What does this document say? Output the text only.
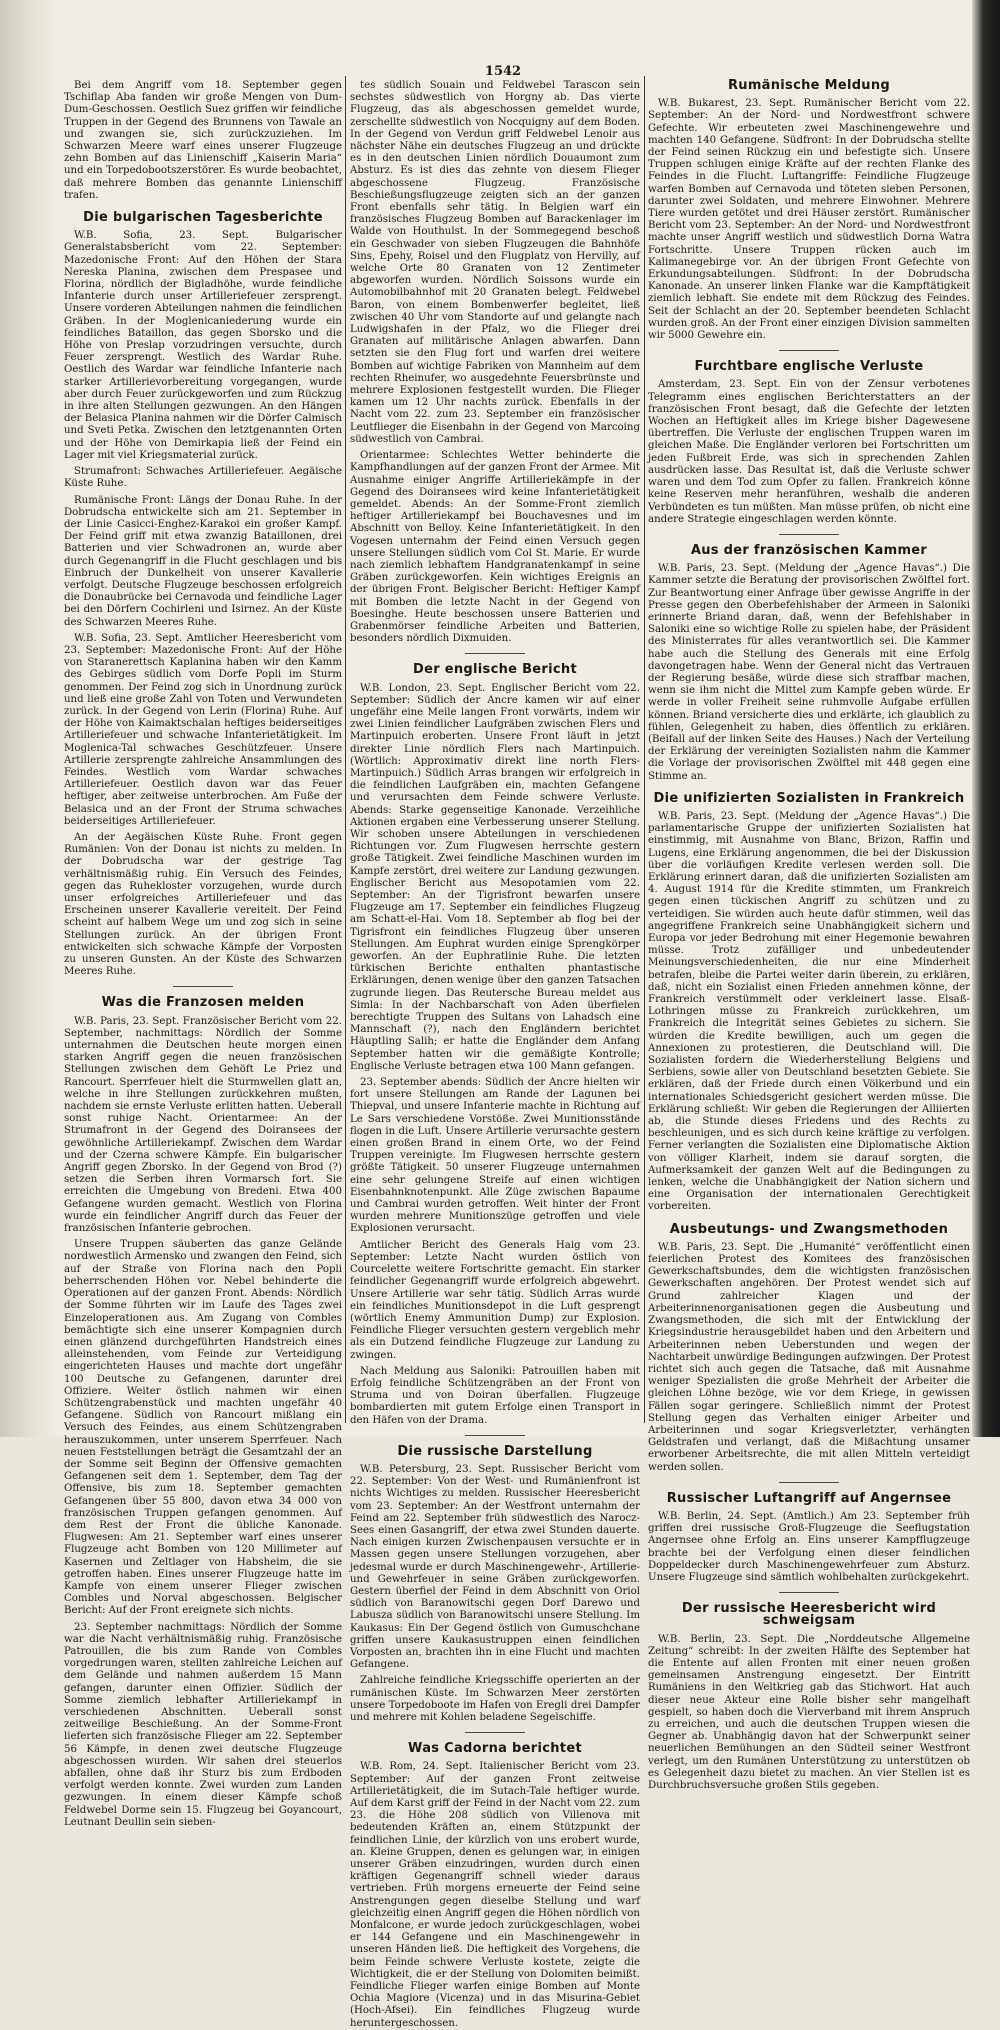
1542

Bei dem Angriff vom 18. September gegen Tschiflap Aba fanden wir große Mengen von Dum-Dum-Geschossen. Oestlich Suez griffen wir feindliche Truppen in der Gegend des Brunnens von Tawale an und zwangen sie, sich zurückzuziehen. Im Schwarzen Meere warf eines unserer Flugzeuge zehn Bomben auf das Linienschiff „Kaiserin Maria“ und ein Torpedobootszerstörer. Es wurde beobachtet, daß mehrere Bomben das genannte Linienschiff trafen.

Die bulgarischen Tagesberichte

W.B. Sofia, 23. Sept. Bulgarischer Generalstabsbericht vom 22. September: Mazedonische Front: Auf den Höhen der Stara Nereska Planina, zwischen dem Prespasee und Florina, nördlich der Bigladhöhe, wurde feindliche Infanterie durch unser Artilleriefeuer zersprengt. Unsere vorderen Abteilungen nahmen die feindlichen Gräben. In der Moglenicaniederung wurde ein feindliches Bataillon, das gegen Sborsko und die Höhe von Preslap vorzudringen versuchte, durch Feuer zersprengt. Westlich des Wardar Ruhe. Oestlich des Wardar war feindliche Infanterie nach starker Artillerievorbereitung vorgegangen, wurde aber durch Feuer zurückgeworfen und zum Rückzug in ihre alten Stellungen gezwungen. An den Hängen der Belasica Planina nahmen wir die Dörfer Calmisch und Sveti Petka. Zwischen den letztgenannten Orten und der Höhe von Demirkapia ließ der Feind ein Lager mit viel Kriegsmaterial zurück.

Strumafront: Schwaches Artilleriefeuer. Aegäische Küste Ruhe.

Rumänische Front: Längs der Donau Ruhe. In der Dobrudscha entwickelte sich am 21. September in der Linie Casicci-Enghez-Karakoi ein großer Kampf. Der Feind griff mit etwa zwanzig Bataillonen, drei Batterien und vier Schwadronen an, wurde aber durch Gegenangriff in die Flucht geschlagen und bis Einbruch der Dunkelheit von unserer Kavallerie verfolgt. Deutsche Flugzeuge beschossen erfolgreich die Donaubrücke bei Cernavoda und feindliche Lager bei den Dörfern Cochirleni und Isirnez. An der Küste des Schwarzen Meeres Ruhe.

W.B. Sofia, 23. Sept. Amtlicher Heeresbericht vom 23. September: Mazedonische Front: Auf der Höhe von Staranerettsch Kaplanina haben wir den Kamm des Gebirges südlich vom Dorfe Popli im Sturm genommen. Der Feind zog sich in Unordnung zurück und ließ eine große Zahl von Toten und Verwundeten zurück. In der Gegend von Lerin (Florina) Ruhe. Auf der Höhe von Kaimaktschalan heftiges beiderseitiges Artilleriefeuer und schwache Infanterietätigkeit. Im Moglenica-Tal schwaches Geschützfeuer. Unsere Artillerie zersprengte zahlreiche Ansammlungen des Feindes. Westlich vom Wardar schwaches Artilleriefeuer. Oestlich davon war das Feuer heftiger, aber zeitweise unterbrochen. Am Fuße der Belasica und an der Front der Struma schwaches beiderseitiges Artilleriefeuer.

An der Aegäischen Küste Ruhe. Front gegen Rumänien: Von der Donau ist nichts zu melden. In der Dobrudscha war der gestrige Tag verhältnismäßig ruhig. Ein Versuch des Feindes, gegen das Ruhekloster vorzugehen, wurde durch unser erfolgreiches Artilleriefeuer und das Erscheinen unserer Kavallerie vereitelt. Der Feind scheint auf halbem Wege um und zog sich in seine Stellungen zurück. An der übrigen Front entwickelten sich schwache Kämpfe der Vorposten zu unseren Gunsten. An der Küste des Schwarzen Meeres Ruhe.

Was die Franzosen melden

W.B. Paris, 23. Sept. Französischer Bericht vom 22. September, nachmittags: Nördlich der Somme unternahmen die Deutschen heute morgen einen starken Angriff gegen die neuen französischen Stellungen zwischen dem Gehöft Le Priez und Rancourt. Sperrfeuer hielt die Sturmwellen glatt an, welche in ihre Stellungen zurückkehren mußten, nachdem sie ernste Verluste erlitten hatten. Ueberall sonst ruhige Nacht. Orientarmee: An der Strumafront in der Gegend des Doiransees der gewöhnliche Artilleriekampf. Zwischen dem Wardar und der Czerna schwere Kämpfe. Ein bulgarischer Angriff gegen Zborsko. In der Gegend von Brod (?) setzen die Serben ihren Vormarsch fort. Sie erreichten die Umgebung von Bredeni. Etwa 400 Gefangene wurden gemacht. Westlich von Florina wurde ein feindlicher Angriff durch das Feuer der französischen Infanterie gebrochen.

Unsere Truppen säuberten das ganze Gelände nordwestlich Armensko und zwangen den Feind, sich auf der Straße von Florina nach den Popli beherrschenden Höhen vor. Nebel behinderte die Operationen auf der ganzen Front. Abends: Nördlich der Somme führten wir im Laufe des Tages zwei Einzeloperationen aus. Am Zugang von Combles bemächtigte sich eine unserer Kompagnien durch einen glänzend durchgeführten Handstreich eines alleinstehenden, vom Feinde zur Verteidigung eingerichteten Hauses und machte dort ungefähr 100 Deutsche zu Gefangenen, darunter drei Offiziere. Weiter östlich nahmen wir einen Schützengrabenstück und machten ungefähr 40 Gefangene. Südlich von Rancourt mißlang ein Versuch des Feindes, aus einem Schützengraben herauszukommen, unter unserem Sperrfeuer. Nach neuen Feststellungen beträgt die Gesamtzahl der an der Somme seit Beginn der Offensive gemachten Gefangenen seit dem 1. September, dem Tag der Offensive, bis zum 18. September gemachten Gefangenen über 55 800, davon etwa 34 000 von französischen Truppen gefangen genommen. Auf dem Rest der Front die übliche Kanonade. Flugwesen: Am 21. September warf eines unserer Flugzeuge acht Bomben von 120 Millimeter auf Kasernen und Zeltlager von Habsheim, die sie getroffen haben. Eines unserer Flugzeuge hatte im Kampfe von einem unserer Flieger zwischen Combles und Norval abgeschossen. Belgischer Bericht: Auf der Front ereignete sich nichts.

23. September nachmittags: Nördlich der Somme war die Nacht verhältnismäßig ruhig. Französische Patrouillen, die bis zum Rande von Combles vorgedrungen waren, stellten zahlreiche Leichen auf dem Gelände und nahmen außerdem 15 Mann gefangen, darunter einen Offizier. Südlich der Somme ziemlich lebhafter Artilleriekampf in verschiedenen Abschnitten. Ueberall sonst zeitweilige Beschießung. An der Somme-Front lieferten sich französische Flieger am 22. September 56 Kämpfe, in denen zwei deutsche Flugzeuge abgeschossen wurden. Wir sahen drei steuerlos abfallen, ohne daß ihr Sturz bis zum Erdboden verfolgt werden konnte. Zwei wurden zum Landen gezwungen. In einem dieser Kämpfe schoß Feldwebel Dorme sein 15. Flugzeug bei Goyancourt, Leutnant Deullin sein sieben-

tes südlich Souain und Feldwebel Tarascon sein sechstes südwestlich von Horgny ab. Das vierte Flugzeug, das als abgeschossen gemeldet wurde, zerschellte südwestlich von Nocquigny auf dem Boden. In der Gegend von Verdun griff Feldwebel Lenoir aus nächster Nähe ein deutsches Flugzeug an und drückte es in den deutschen Linien nördlich Douaumont zum Absturz. Es ist dies das zehnte von diesem Flieger abgeschossene Flugzeug. Französische Beschießungsflugzeuge zeigten sich an der ganzen Front ebenfalls sehr tätig. In Belgien warf ein französisches Flugzeug Bomben auf Barackenlager im Walde von Houthulst. In der Sommegegend beschoß ein Geschwader von sieben Flugzeugen die Bahnhöfe Sins, Epehy, Roisel und den Flugplatz von Hervilly, auf welche Orte 80 Granaten von 12 Zentimeter abgeworfen wurden. Nördlich Soissons wurde ein Automobilbahnhof mit 20 Granaten belegt. Feldwebel Baron, von einem Bombenwerfer begleitet, ließ zwischen 40 Uhr vom Standorte auf und gelangte nach Ludwigshafen in der Pfalz, wo die Flieger drei Granaten auf militärische Anlagen abwarfen. Dann setzten sie den Flug fort und warfen drei weitere Bomben auf wichtige Fabriken von Mannheim auf dem rechten Rheinufer, wo ausgedehnte Feuersbrünste und mehrere Explosionen festgestellt wurden. Die Flieger kamen um 12 Uhr nachts zurück. Ebenfalls in der Nacht vom 22. zum 23. September ein französischer Leutflieger die Eisenbahn in der Gegend von Marcoing südwestlich von Cambrai.

Orientarmee: Schlechtes Wetter behinderte die Kampfhandlungen auf der ganzen Front der Armee. Mit Ausnahme einiger Angriffe Artilleriekämpfe in der Gegend des Doiransees wird keine Infanterietätigkeit gemeldet. Abends: An der Somme-Front ziemlich heftiger Artilleriekampf bei Bouchavesnes und im Abschnitt von Belloy. Keine Infanterietätigkeit. In den Vogesen unternahm der Feind einen Versuch gegen unsere Stellungen südlich vom Col St. Marie. Er wurde nach ziemlich lebhaftem Handgranatenkampf in seine Gräben zurückgeworfen. Kein wichtiges Ereignis an der übrigen Front. Belgischer Bericht: Heftiger Kampf mit Bomben die letzte Nacht in der Gegend von Boesinghe. Heute beschossen unsere Batterien und Grabenmörser feindliche Arbeiten und Batterien, besonders nördlich Dixmuiden.

Der englische Bericht

W.B. London, 23. Sept. Englischer Bericht vom 22. September: Südlich der Ancre kamen wir auf einer ungefähr eine Meile langen Front vorwärts, indem wir zwei Linien feindlicher Laufgräben zwischen Flers und Martinpuich eroberten. Unsere Front läuft in jetzt direkter Linie nördlich Flers nach Martinpuich. (Wörtlich: Approximativ direkt line north Flers-Martinpuich.) Südlich Arras brangen wir erfolgreich in die feindlichen Laufgräben ein, machten Gefangene und verursachten dem Feinde schwere Verluste. Abends: Starke gegenseitige Kanonade. Verzeihliche Aktionen ergaben eine Verbesserung unserer Stellung. Wir schoben unsere Abteilungen in verschiedenen Richtungen vor. Zum Flugwesen herrschte gestern große Tätigkeit. Zwei feindliche Maschinen wurden im Kampfe zerstört, drei weitere zur Landung gezwungen. Englischer Bericht aus Mesopotamien vom 22. September: An der Tigrisfront bewarfen unsere Flugzeuge am 17. September ein feindliches Flugzeug am Schatt-el-Hai. Vom 18. September ab flog bei der Tigrisfront ein feindliches Flugzeug über unseren Stellungen. Am Euphrat wurden einige Sprengkörper geworfen. An der Euphratlinie Ruhe. Die letzten türkischen Berichte enthalten phantastische Erklärungen, denen wenige über den ganzen Tatsachen zugrunde liegen. Das Reutersche Bureau meldet aus Simla: In der Nachbarschaft von Aden überfielen berechtigte Truppen des Sultans von Lahadsch eine Mannschaft (?), nach den Engländern berichtet Häuptling Salih; er hatte die Engländer dem Anfang September hatten wir die gemäßigte Kontrolle; Englische Verluste betragen etwa 100 Mann gefangen.

23. September abends: Südlich der Ancre hielten wir fort unsere Stellungen am Rande der Lagunen bei Thiepval, und unsere Infanterie machte in Richtung auf Le Sars verschiedene Vorstöße. Zwei Munitionsstände flogen in die Luft. Unsere Artillerie verursachte gestern einen großen Brand in einem Orte, wo der Feind Truppen vereinigte. Im Flugwesen herrschte gestern größte Tätigkeit. 50 unserer Flugzeuge unternahmen eine sehr gelungene Streife auf einen wichtigen Eisenbahnknotenpunkt. Alle Züge zwischen Bapaume und Cambrai wurden getroffen. Weit hinter der Front wurden mehrere Munitionszüge getroffen und viele Explosionen verursacht.

Amtlicher Bericht des Generals Haig vom 23. September: Letzte Nacht wurden östlich von Courcelette weitere Fortschritte gemacht. Ein starker feindlicher Gegenangriff wurde erfolgreich abgewehrt. Unsere Artillerie war sehr tätig. Südlich Arras wurde ein feindliches Munitionsdepot in die Luft gesprengt (wörtlich Enemy Ammunition Dump) zur Explosion. Feindliche Flieger versuchten gestern vergeblich mehr als ein Dutzend feindliche Flugzeuge zur Landung zu zwingen.

Nach Meldung aus Saloniki: Patrouillen haben mit Erfolg feindliche Schützengräben an der Front von Struma und von Doiran überfallen. Flugzeuge bombardierten mit gutem Erfolge einen Transport in den Häfen von der Drama.

Die russische Darstellung

W.B. Petersburg, 23. Sept. Russischer Bericht vom 22. September: Von der West- und Rumänienfront ist nichts Wichtiges zu melden. Russischer Heeresbericht vom 23. September: An der Westfront unternahm der Feind am 22. September früh südwestlich des Narocz-Sees einen Gasangriff, der etwa zwei Stunden dauerte. Nach einigen kurzen Zwischenpausen versuchte er in Massen gegen unsere Stellungen vorzugehen, aber jedesmal wurde er durch Maschinengewehr-, Artillerie- und Gewehrfeuer in seine Gräben zurückgeworfen. Gestern überfiel der Feind in dem Abschnitt von Oriol südlich von Baranowitschi gegen Dorf Darewo und Labusza südlich von Baranowitschi unsere Stellung. Im Kaukasus: Ein Der Gegend östlich von Gumuschchane griffen unsere Kaukasustruppen einen feindlichen Vorposten an, brachten ihn in eine Flucht und machten Gefangene.

Zahlreiche feindliche Kriegsschiffe operierten an der rumänischen Küste. Im Schwarzen Meer zerstörten unsere Torpedoboote im Hafen von Eregli drei Dampfer und mehrere mit Kohlen beladene Segelschiffe.

Was Cadorna berichtet

W.B. Rom, 24. Sept. Italienischer Bericht vom 23. September: Auf der ganzen Front zeitweise Artillerietätigkeit, die im Sutach-Tale heftiger wurde. Auf dem Karst griff der Feind in der Nacht vom 22. zum 23. die Höhe 208 südlich von Villenova mit bedeutenden Kräften an, einem Stützpunkt der feindlichen Linie, der kürzlich von uns erobert wurde, an. Kleine Gruppen, denen es gelungen war, in einigen unserer Gräben einzudringen, wurden durch einen kräftigen Gegenangriff schnell wieder daraus vertrieben. Früh morgens erneuerte der Feind seine Anstrengungen gegen dieselbe Stellung und warf gleichzeitig einen Angriff gegen die Höhen nördlich von Monfalcone, er wurde jedoch zurückgeschlagen, wobei er 144 Gefangene und ein Maschinengewehr in unseren Händen ließ. Die heftigkeit des Vorgehens, die beim Feinde schwere Verluste kostete, zeigte die Wichtigkeit, die er der Stellung von Dolomiten beimißt. Feindliche Flieger warfen einige Bomben auf Monte Ochia Magiore (Vicenza) und in das Misurina-Gebiet (Hoch-Afsei). Ein feindliches Flugzeug wurde heruntergeschossen.

Rumänische Meldung

W.B. Bukarest, 23. Sept. Rumänischer Bericht vom 22. September: An der Nord- und Nordwestfront schwere Gefechte. Wir erbeuteten zwei Maschinengewehre und machten 140 Gefangene. Südfront: In der Dobrudscha stellte der Feind seinen Rückzug ein und befestigte sich. Unsere Truppen schlugen einige Kräfte auf der rechten Flanke des Feindes in die Flucht. Luftangriffe: Feindliche Flugzeuge warfen Bomben auf Cernavoda und töteten sieben Personen, darunter zwei Soldaten, und mehrere Einwohner. Mehrere Tiere wurden getötet und drei Häuser zerstört. Rumänischer Bericht vom 23. September: An der Nord- und Nordwestfront machte unser Angriff westlich und südwestlich Dorna Watra Fortschritte. Unsere Truppen rücken auch im Kalimanegebirge vor. An der übrigen Front Gefechte von Erkundungsabteilungen. Südfront: In der Dobrudscha Kanonade. An unserer linken Flanke war die Kampftätigkeit ziemlich lebhaft. Sie endete mit dem Rückzug des Feindes. Seit der Schlacht an der 20. September beendeten Schlacht wurden groß. An der Front einer einzigen Division sammelten wir 5000 Gewehre ein.

Furchtbare englische Verluste

Amsterdam, 23. Sept. Ein von der Zensur verbotenes Telegramm eines englischen Berichterstatters an der französischen Front besagt, daß die Gefechte der letzten Wochen an Heftigkeit alles im Kriege bisher Dagewesene übertreffen. Die Verluste der englischen Truppen waren im gleichen Maße. Die Engländer verloren bei Fortschritten um jeden Fußbreit Erde, was sich in sprechenden Zahlen ausdrücken lasse. Das Resultat ist, daß die Verluste schwer waren und dem Tod zum Opfer zu fallen. Frankreich könne keine Reserven mehr heranführen, weshalb die anderen Verbündeten es tun müßten. Man müsse prüfen, ob nicht eine andere Strategie eingeschlagen werden könnte.

Aus der französischen Kammer

W.B. Paris, 23. Sept. (Meldung der „Agence Havas“.) Die Kammer setzte die Beratung der provisorischen Zwölftel fort. Zur Beantwortung einer Anfrage über gewisse Angriffe in der Presse gegen den Oberbefehlshaber der Armeen in Saloniki erinnerte Briand daran, daß, wenn der Befehlshaber in Saloniki eine so wichtige Rolle zu spielen habe, der Präsident des Ministerrates für alles verantwortlich sei. Die Kammer habe auch die Stellung des Generals mit eine Erfolg davongetragen habe. Wenn der General nicht das Vertrauen der Regierung besäße, würde diese sich straffbar machen, wenn sie ihm nicht die Mittel zum Kampfe geben würde. Er werde in voller Freiheit seine ruhmvolle Aufgabe erfüllen können. Briand versicherte dies und erklärte, ich glaublich zu fühlen, Gelegenheit zu haben, dies öffentlich zu erklären. (Beifall auf der linken Seite des Hauses.) Nach der Verteilung der Erklärung der vereinigten Sozialisten nahm die Kammer die Vorlage der provisorischen Zwölftel mit 448 gegen eine Stimme an.

Die unifizierten Sozialisten in Frankreich

W.B. Paris, 23. Sept. (Meldung der „Agence Havas“.) Die parlamentarische Gruppe der unifizierten Sozialisten hat einstimmig, mit Ausnahme von Blanc, Brizon, Raffin und Lugens, eine Erklärung angenommen, die bei der Diskussion über die vorläufigen Kredite verlesen werden soll. Die Erklärung erinnert daran, daß die unifizierten Sozialisten am 4. August 1914 für die Kredite stimmten, um Frankreich gegen einen tückischen Angriff zu schützen und zu verteidigen. Sie würden auch heute dafür stimmen, weil das angegriffene Frankreich seine Unabhängigkeit sichern und Europa vor jeder Bedrohung mit einer Hegemonie bewahren müsse. Trotz zufälliger und unbedeutender Meinungsverschiedenheiten, die nur eine Minderheit betrafen, bleibe die Partei weiter darin überein, zu erklären, daß, nicht ein Sozialist einen Frieden annehmen könne, der Frankreich verstümmelt oder verkleinert lasse. Elsaß-Lothringen müsse zu Frankreich zurückkehren, um Frankreich die Integrität seines Gebietes zu sichern. Sie würden die Kredite bewilligen, auch um gegen die Annexionen zu protestieren, die Deutschland will. Die Sozialisten fordern die Wiederherstellung Belgiens und Serbiens, sowie aller von Deutschland besetzten Gebiete. Sie erklären, daß der Friede durch einen Völkerbund und ein internationales Schiedsgericht gesichert werden müsse. Die Erklärung schließt: Wir geben die Regierungen der Alliierten ab, die Stunde dieses Friedens und des Rechts zu beschleunigen, und es sich durch keine kräftige zu verfolgen. Ferner verlangten die Sozialisten eine Diplomatische Aktion von völliger Klarheit, indem sie darauf sorgten, die Aufmerksamkeit der ganzen Welt auf die Bedingungen zu lenken, welche die Unabhängigkeit der Nation sichern und eine Organisation der internationalen Gerechtigkeit vorbereiten.

Ausbeutungs- und Zwangsmethoden

W.B. Paris, 23. Sept. Die „Humanité“ veröffentlicht einen feierlichen Protest des Komitees des französischen Gewerkschaftsbundes, dem die wichtigsten französischen Gewerkschaften angehören. Der Protest wendet sich auf Grund zahlreicher Klagen und der Arbeiterinnenorganisationen gegen die Ausbeutung und Zwangsmethoden, die sich mit der Entwicklung der Kriegsindustrie herausgebildet haben und den Arbeitern und Arbeiterinnen neben Ueberstunden und wegen der Nachtarbeit unwürdige Bedingungen aufzwingen. Der Protest richtet sich auch gegen die Tatsache, daß mit Ausnahme weniger Spezialisten die große Mehrheit der Arbeiter die gleichen Löhne bezöge, wie vor dem Kriege, in gewissen Fällen sogar geringere. Schließlich nimmt der Protest Stellung gegen das Verhalten einiger Arbeiter und Arbeiterinnen und sogar Kriegsverletzter, verhängten Geldstrafen und verlangt, daß die Mißachtung unsamer erworbener Arbeitsrechte, die mit allen Mitteln verteidigt werden sollen.

Russischer Luftangriff auf Angernsee

W.B. Berlin, 24. Sept. (Amtlich.) Am 23. September früh griffen drei russische Groß-Flugzeuge die Seeflugstation Angernsee ohne Erfolg an. Eins unserer Kampfflugzeuge brachte bei der Verfolgung einen dieser feindlichen Doppeldecker durch Maschinengewehrfeuer zum Absturz. Unsere Flugzeuge sind sämtlich wohlbehalten zurückgekehrt.

Der russische Heeresbericht wird schweigsam

W.B. Berlin, 23. Sept. Die „Norddeutsche Allgemeine Zeitung“ schreibt: In der zweiten Hälfte des September hat die Entente auf allen Fronten mit einer neuen großen gemeinsamen Anstrengung eingesetzt. Der Eintritt Rumäniens in den Weltkrieg gab das Stichwort. Hat auch dieser neue Akteur eine Rolle bisher sehr mangelhaft gespielt, so haben doch die Vierverband mit ihrem Anspruch zu erreichen, und auch die deutschen Truppen wiesen die Gegner ab. Unabhängig davon hat der Schwerpunkt seiner neuerlichen Bemühungen an den Südteil seiner Westfront verlegt, um den Rumänen Unterstützung zu unterstützen ob es Gelegenheit dazu bietet zu machen. An vier Stellen ist es Durchbruchsversuche großen Stils gegeben.
